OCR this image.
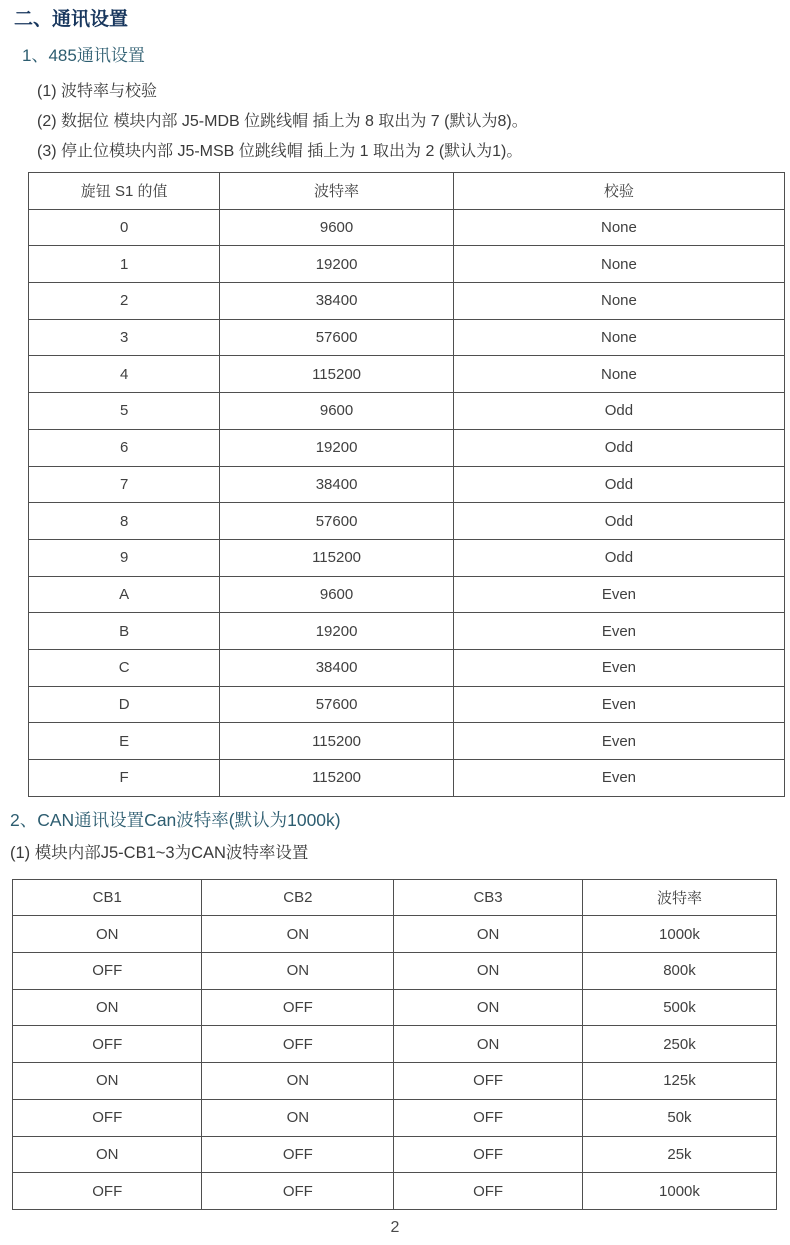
二、通讯设置
1、485通讯设置

(1) 波特率与校验

(2) 数据位 模块内部 J5-MDB 位跳线帽 插上为 8 取出为 7 (默认为8)。

(3) 停止位模块内部 J5-MSB 位跳线帽 插上为 1 取出为 2 (默认为1)。

旋钮 S1 的值	波特率	校验
0	9600	None
1	19200	None
2	38400	None
3	57600	None
4	115200	None
5	9600	Odd
6	19200	Odd
7	38400	Odd
8	57600	Odd
9	115200	Odd
A	9600	Even
B	19200	Even
C	38400	Even
D	57600	Even
E	115200	Even
F	115200	Even
2、CAN通讯设置Can波特率(默认为1000k)

(1) 模块内部J5-CB1~3为CAN波特率设置

CB1	CB2	CB3	波特率
ON	ON	ON	1000k
OFF	ON	ON	800k
ON	OFF	ON	500k
OFF	OFF	ON	250k
ON	ON	OFF	125k
OFF	ON	OFF	50k
ON	OFF	OFF	25k
OFF	OFF	OFF	1000k
2
